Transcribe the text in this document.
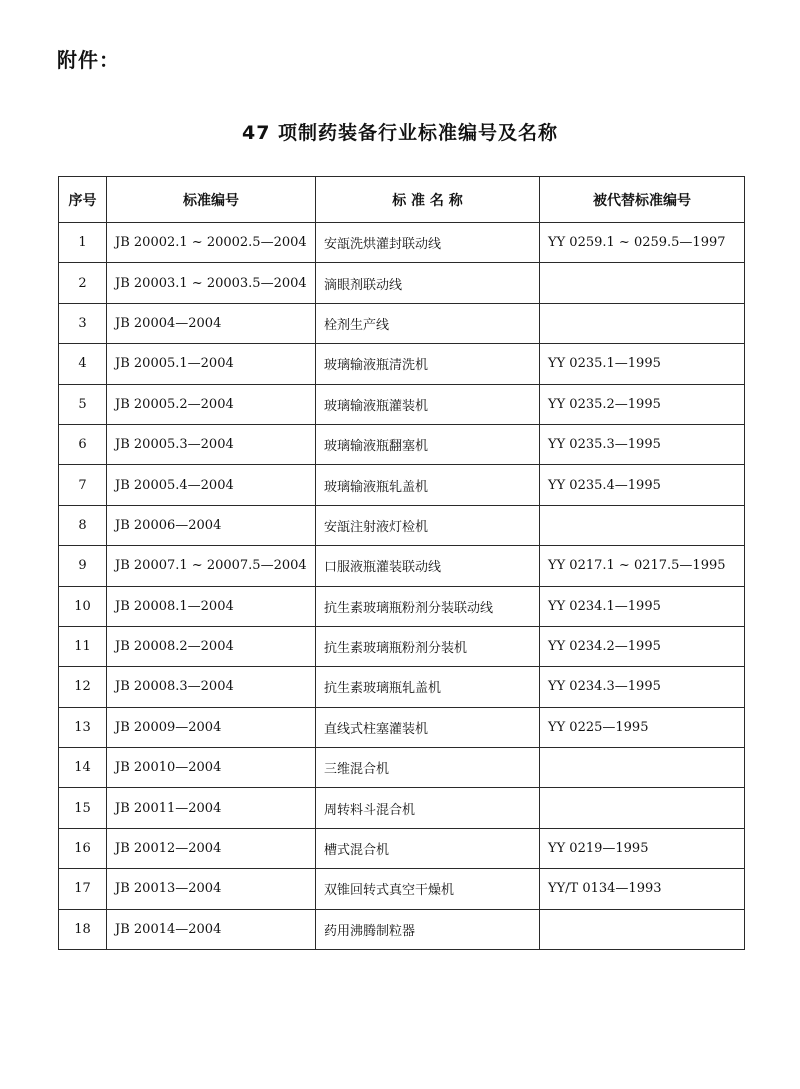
附件：
47 项制药装备行业标准编号及名称
序号	标准编号	标 准 名 称	被代替标准编号
1	JB 20002.1 ~ 20002.5—2004	安瓿洗烘灌封联动线	YY 0259.1 ~ 0259.5—1997
2	JB 20003.1 ~ 20003.5—2004	滴眼剂联动线	
3	JB 20004—2004	栓剂生产线	
4	JB 20005.1—2004	玻璃输液瓶清洗机	YY 0235.1—1995
5	JB 20005.2—2004	玻璃输液瓶灌装机	YY 0235.2—1995
6	JB 20005.3—2004	玻璃输液瓶翻塞机	YY 0235.3—1995
7	JB 20005.4—2004	玻璃输液瓶轧盖机	YY 0235.4—1995
8	JB 20006—2004	安瓿注射液灯检机	
9	JB 20007.1 ~ 20007.5—2004	口服液瓶灌装联动线	YY 0217.1 ~ 0217.5—1995
10	JB 20008.1—2004	抗生素玻璃瓶粉剂分装联动线	YY 0234.1—1995
11	JB 20008.2—2004	抗生素玻璃瓶粉剂分装机	YY 0234.2—1995
12	JB 20008.3—2004	抗生素玻璃瓶轧盖机	YY 0234.3—1995
13	JB 20009—2004	直线式柱塞灌装机	YY 0225—1995
14	JB 20010—2004	三维混合机	
15	JB 20011—2004	周转料斗混合机	
16	JB 20012—2004	槽式混合机	YY 0219—1995
17	JB 20013—2004	双锥回转式真空干燥机	YY/T 0134—1993
18	JB 20014—2004	药用沸腾制粒器	
